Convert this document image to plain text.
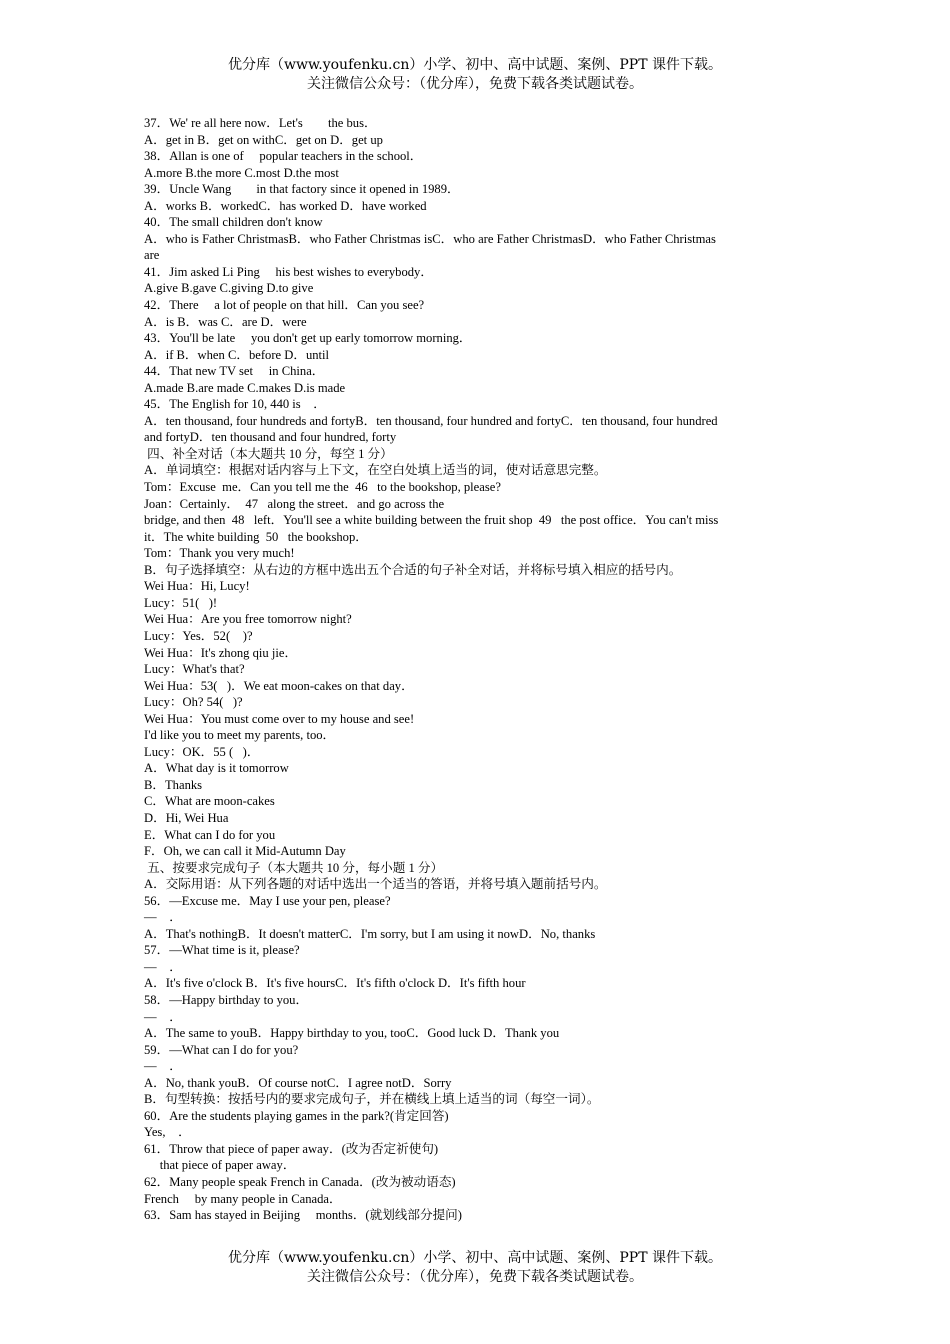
优分库（www.youfenku.cn）小学、初中、高中试题、案例、PPT 课件下载。
关注微信公众号：（优分库），免费下载各类试题试卷。
37．We' re all here now．Let's　　the bus．
A．get in B．get on withC．get on D．get up
38．Allan is one of　 popular teachers in the school．
A.more B.the more C.most D.the most
39．Uncle Wang　　in that factory since it opened in 1989．
A．works B．workedC．has worked D．have worked
40．The small children don't know
A．who is Father ChristmasB．who Father Christmas isC．who are Father ChristmasD．who Father Christmas
are
41．Jim asked Li Ping　 his best wishes to everybody．
A.give B.gave C.giving D.to give
42．There　 a lot of people on that hill．Can you see?
A．is B．was C．are D．were
43．You'll be late　 you don't get up early tomorrow morning．
A．if B．when C．before D．until
44．That new TV set　 in China．
A.made B.are made C.makes D.is made
45．The English for 10, 440 is　．
A．ten thousand, four hundreds and fortyB．ten thousand, four hundred and fortyC．ten thousand, four hundred
and fortyD．ten thousand and four hundred, forty
四、补全对话（本大题共 10 分，每空 1 分）
A．单词填空：根据对话内容与上下文，在空白处填上适当的词，使对话意思完整。
Tom：Excuse  me．Can you tell me the  46   to the bookshop, please?
Joan：Certainly．  47   along the street．and go across the
bridge, and then  48   left．You'll see a white building between the fruit shop  49   the post office．You can't miss
it．The white building  50   the bookshop．
Tom：Thank you very much!
B．句子选择填空：从右边的方框中选出五个合适的句子补全对话，并将标号填入相应的括号内。
Wei Hua：Hi, Lucy!
Lucy：51(   )!
Wei Hua：Are you free tomorrow night?
Lucy：Yes．52(    )?
Wei Hua：It's zhong qiu jie．
Lucy：What's that?
Wei Hua：53(   )．We eat moon-cakes on that day．
Lucy：Oh? 54(   )?
Wei Hua：You must come over to my house and see!
I'd like you to meet my parents, too．
Lucy：OK．55 (   )．
A．What day is it tomorrow
B．Thanks
C．What are moon-cakes
D．Hi, Wei Hua
E．What can I do for you
F．Oh, we can call it Mid-Autumn Day
五、按要求完成句子（本大题共 10 分，每小题 1 分）
A．交际用语：从下列各题的对话中选出一个适当的答语，并将号填入题前括号内。
56．—Excuse me．May I use your pen, please?
—　．
A．That's nothingB．It doesn't matterC．I'm sorry, but I am using it nowD．No, thanks
57．—What time is it, please?
—　．
A．It's five o'clock B．It's five hoursC．It's fifth o'clock D．It's fifth hour
58．—Happy birthday to you．
—　．
A．The same to youB．Happy birthday to you, tooC．Good luck D．Thank you
59．—What can I do for you?
—　．
A．No, thank youB．Of course notC．I agree notD．Sorry
B．句型转换：按括号内的要求完成句子，并在横线上填上适当的词（每空一词）。
60．Are the students playing games in the park?(肯定回答)
Yes,　．
61．Throw that piece of paper away．(改为否定祈使句)
　 that piece of paper away．
62．Many people speak French in Canada．(改为被动语态)
French　 by many people in Canada．
63．Sam has stayed in Beijing　 months．(就划线部分提问)
优分库（www.youfenku.cn）小学、初中、高中试题、案例、PPT 课件下载。
关注微信公众号：（优分库），免费下载各类试题试卷。
